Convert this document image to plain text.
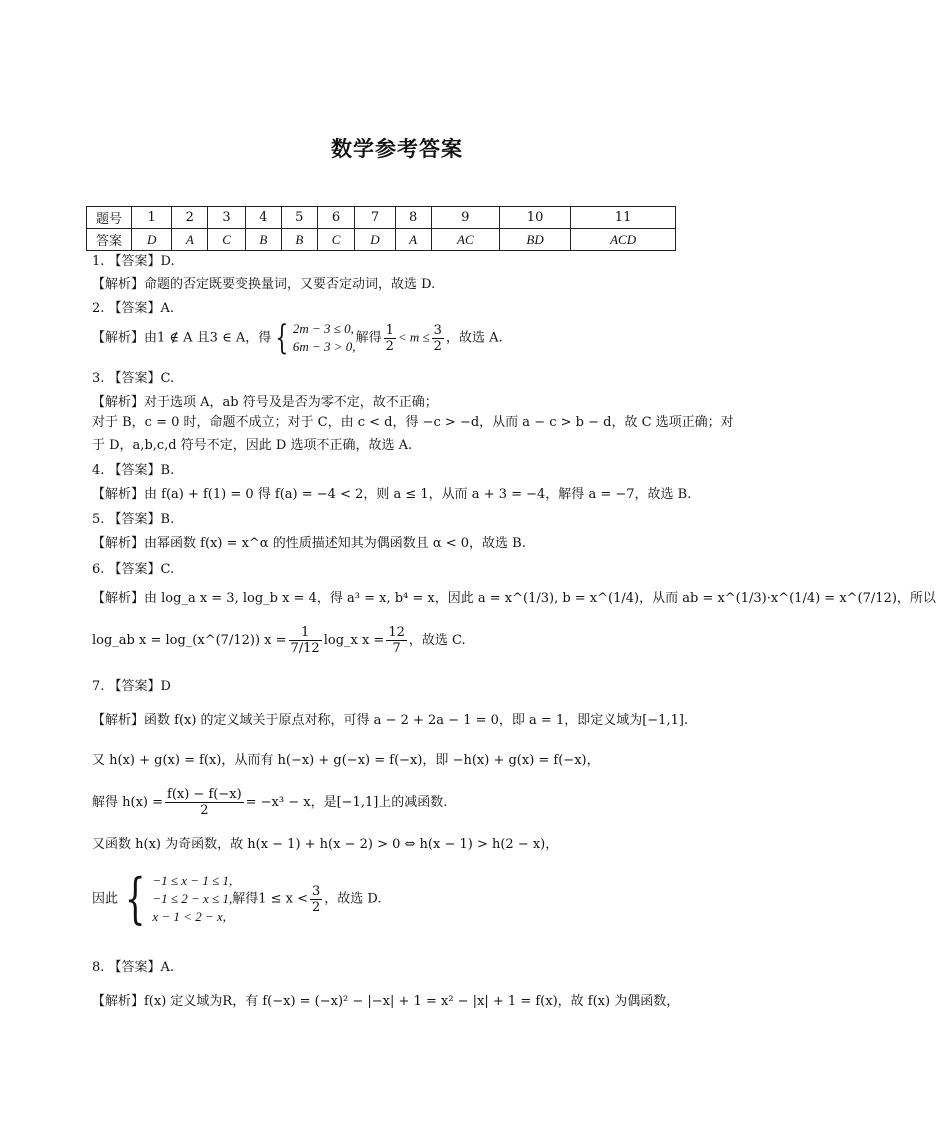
数学参考答案
题号	1	2	3	4	5	6	7	8	9	10	11
答案	D	A	C	B	B	C	D	A	AC	BD	ACD
1. 【答案】D.
【解析】命题的否定既要变换量词，又要否定动词，故选 D.
2. 【答案】A.
【解析】由1 ∉ A 且3 ∈ A，得 { 2m − 3 ≤ 0,
6m − 3 > 0,
解得 $\frac{1}{2} < m \le \frac{3}{2}$ ，故选 A.
3. 【答案】C.
【解析】对于选项 A，ab 符号及是否为零不定，故不正确；
对于 B，c = 0 时，命题不成立；对于 C，由 c < d，得 −c > −d，从而 a − c > b − d，故 C 选项正确；对
于 D，a,b,c,d 符号不定，因此 D 选项不正确，故选 A.
4. 【答案】B.
【解析】由 f(a) + f(1) = 0 得 f(a) = −4 < 2，则 a ≤ 1，从而 a + 3 = −4，解得 a = −7，故选 B.
5. 【答案】B.
【解析】由幂函数 f(x) = x^α 的性质描述知其为偶函数且 α < 0，故选 B.
6. 【答案】C.
【解析】由 log_a x = 3, log_b x = 4，得 a³ = x, b⁴ = x，因此 a = x^(1/3), b = x^(1/4)，从而 ab = x^(1/3)·x^(1/4) = x^(7/12)，所以
log_ab x = log_(x^(7/12)) $x = \frac{1}{7/12}$ log_x $x = \frac{12}{7}$ ，故选 C.
7. 【答案】D
【解析】函数 f(x) 的定义域关于原点对称，可得 a − 2 + 2a − 1 = 0，即 a = 1，即定义域为[−1,1].
又 h(x) + g(x) = f(x)，从而有 h(−x) + g(−x) = f(−x)，即 −h(x) + g(x) = f(−x)，
解得 $h(x) = \frac{f(x) - f(-x)}{2} = -x^3 - x$，是[−1,1]上的减函数.
又函数 h(x) 为奇函数，故 h(x − 1) + h(x − 2) > 0 ⇔ h(x − 1) > h(2 − x)，
因此 { −1 ≤ x − 1 ≤ 1,
−1 ≤ 2 − x ≤ 1,
x − 1 < 2 − x,
解得$1 \le x < \frac{3}{2}$ ，故选 D.
8. 【答案】A.
【解析】f(x) 定义域为R，有 f(−x) = (−x)² − |−x| + 1 = x² − |x| + 1 = f(x)，故 f(x) 为偶函数，
